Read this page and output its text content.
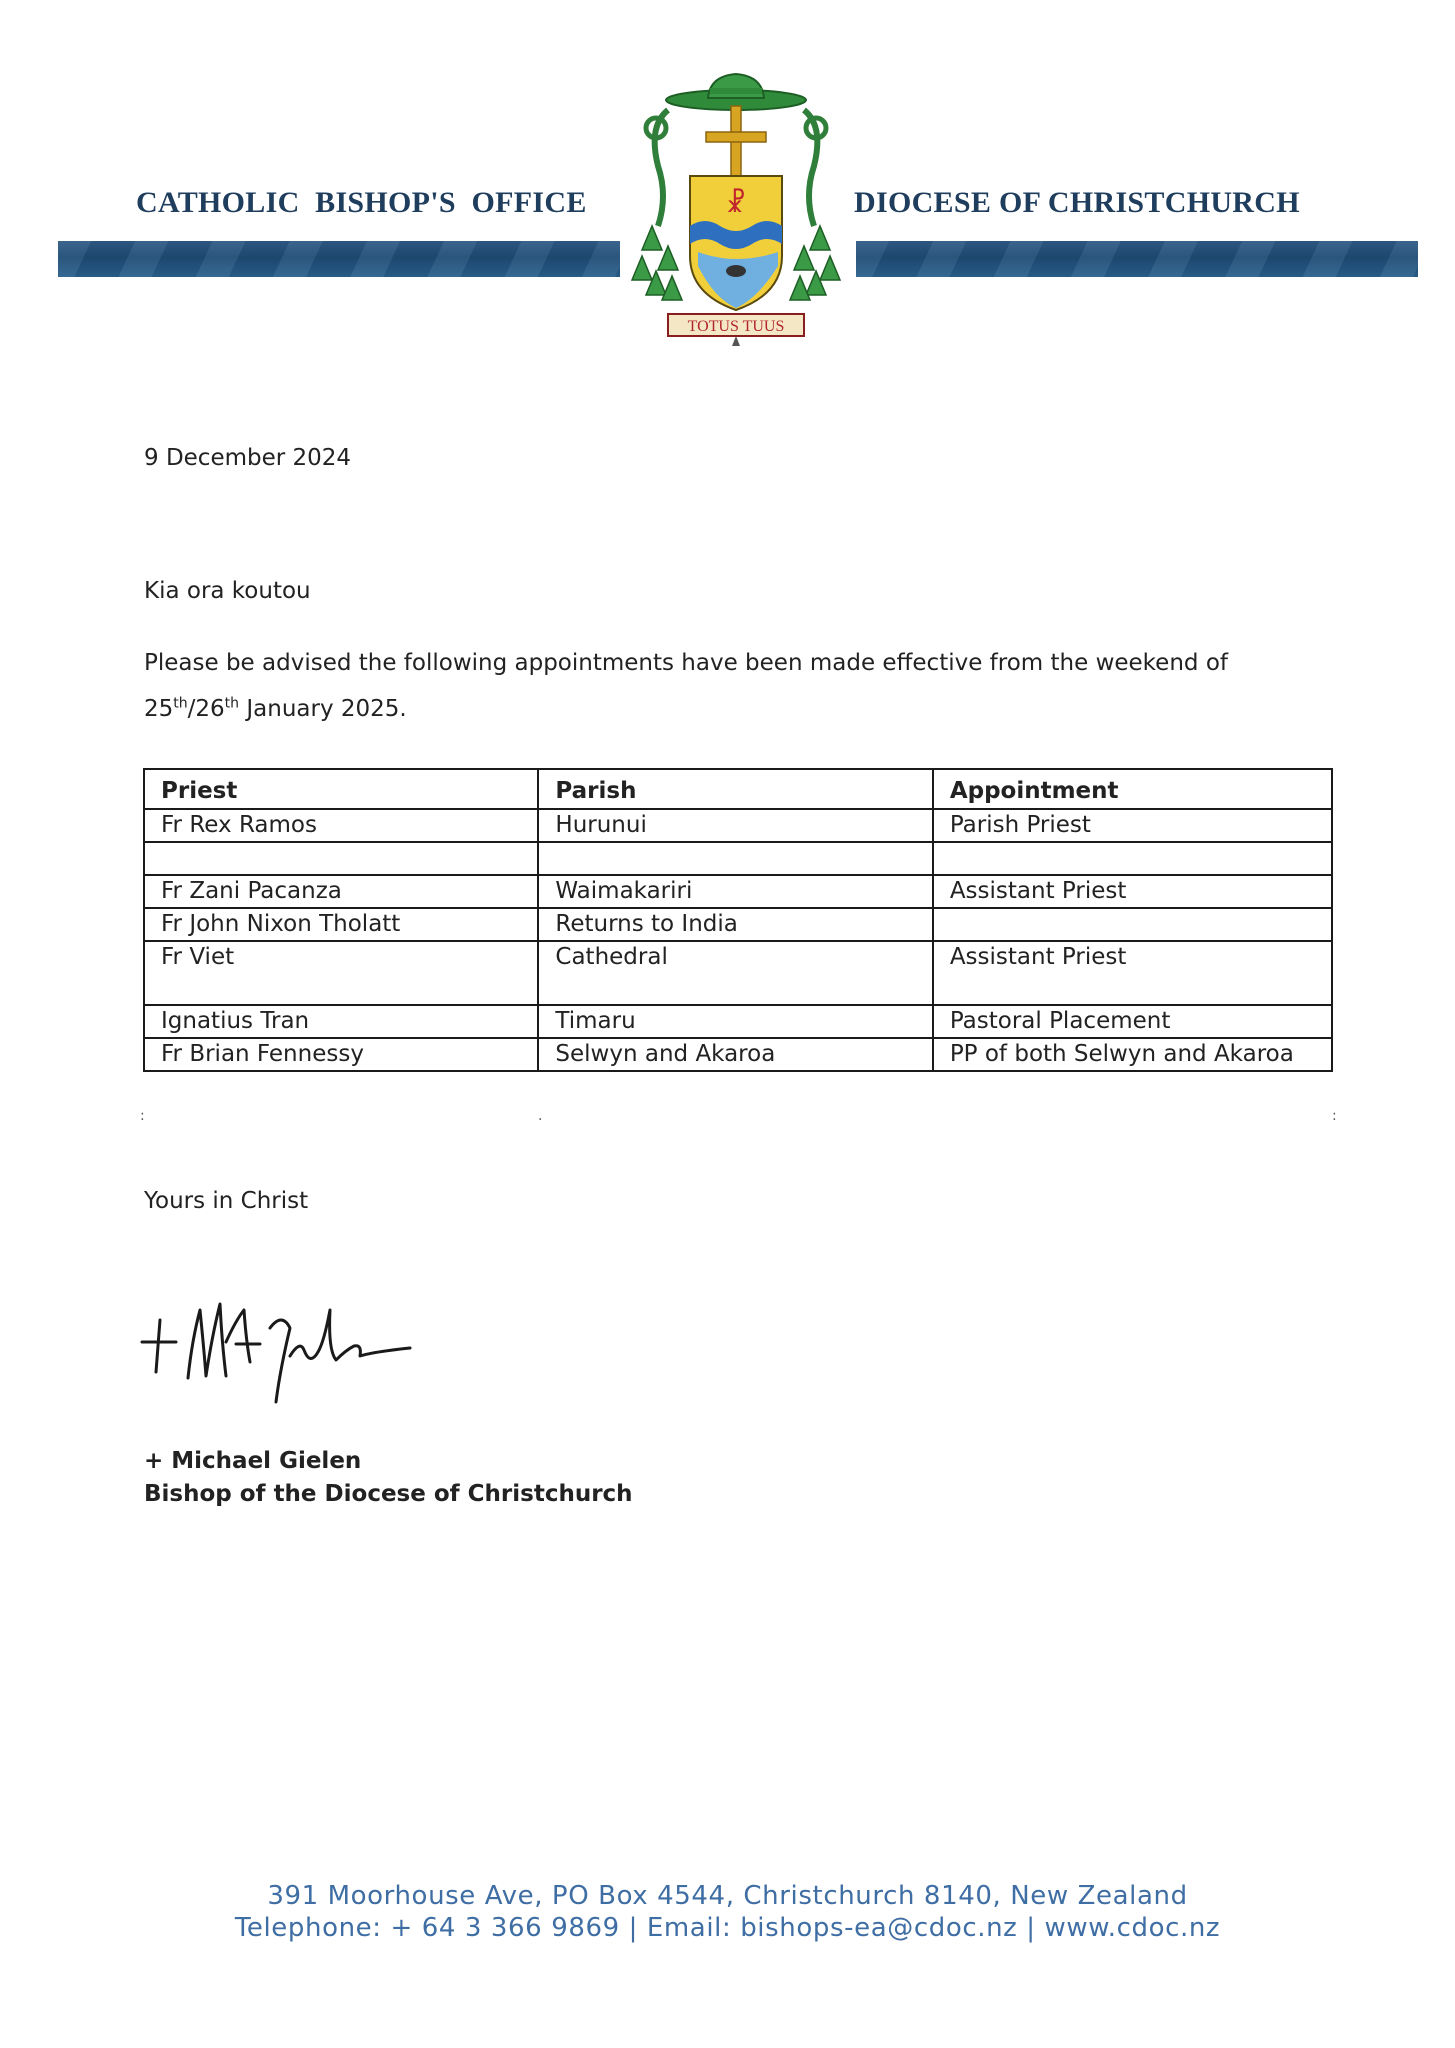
CATHOLIC  BISHOP'S  OFFICE	DIOCESE OF CHRISTCHURCH
☧
TOTUS TUUS
9 December 2024
Kia ora koutou
Please be advised the following appointments have been made effective from the weekend of
25th/26th January 2025.
Priest	Parish	Appointment
Fr Rex Ramos	Hurunui	Parish Priest

Fr Zani Pacanza	Waimakariri	Assistant Priest
Fr John Nixon Tholatt	Returns to India	
Fr Viet	Cathedral	Assistant Priest
Ignatius Tran	Timaru	Pastoral Placement
Fr Brian Fennessy	Selwyn and Akaroa	PP of both Selwyn and Akaroa
:	.	:
Yours in Christ
+ Michael Gielen
Bishop of the Diocese of Christchurch
391 Moorhouse Ave, PO Box 4544, Christchurch 8140, New Zealand
Telephone: + 64 3 366 9869 | Email: bishops-ea@cdoc.nz | www.cdoc.nz
